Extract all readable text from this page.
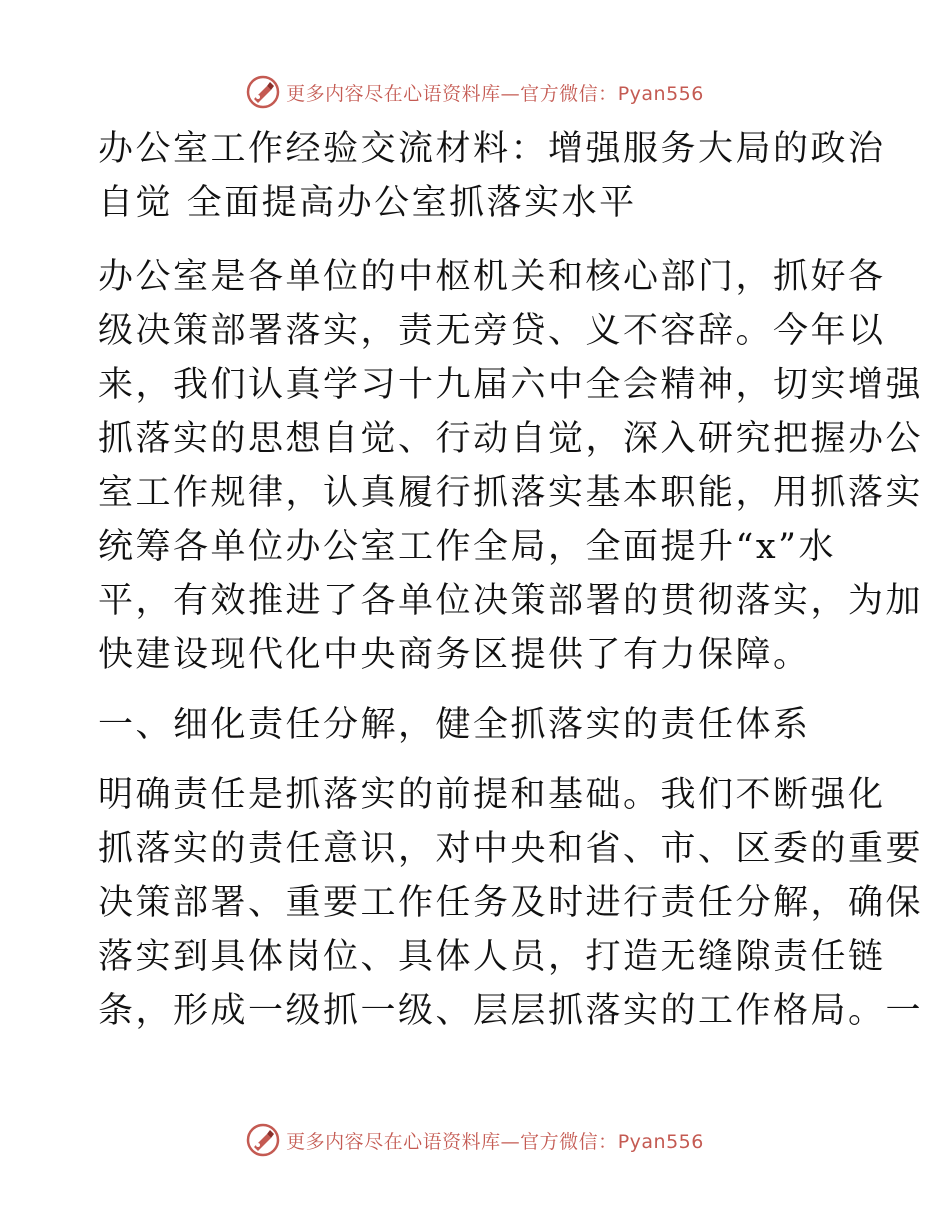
更多内容尽在心语资料库—官方微信：Pyan556
办公室工作经验交流材料：增强服务大局的政治
自觉 全面提高办公室抓落实水平
办公室是各单位的中枢机关和核心部门，抓好各
级决策部署落实，责无旁贷、义不容辞。今年以
来，我们认真学习十九届六中全会精神，切实增强
抓落实的思想自觉、行动自觉，深入研究把握办公
室工作规律，认真履行抓落实基本职能，用抓落实
统筹各单位办公室工作全局，全面提升“x”水
平，有效推进了各单位决策部署的贯彻落实，为加
快建设现代化中央商务区提供了有力保障。
一、细化责任分解，健全抓落实的责任体系
明确责任是抓落实的前提和基础。我们不断强化
抓落实的责任意识，对中央和省、市、区委的重要
决策部署、重要工作任务及时进行责任分解，确保
落实到具体岗位、具体人员，打造无缝隙责任链
条，形成一级抓一级、层层抓落实的工作格局。一
更多内容尽在心语资料库—官方微信：Pyan556
